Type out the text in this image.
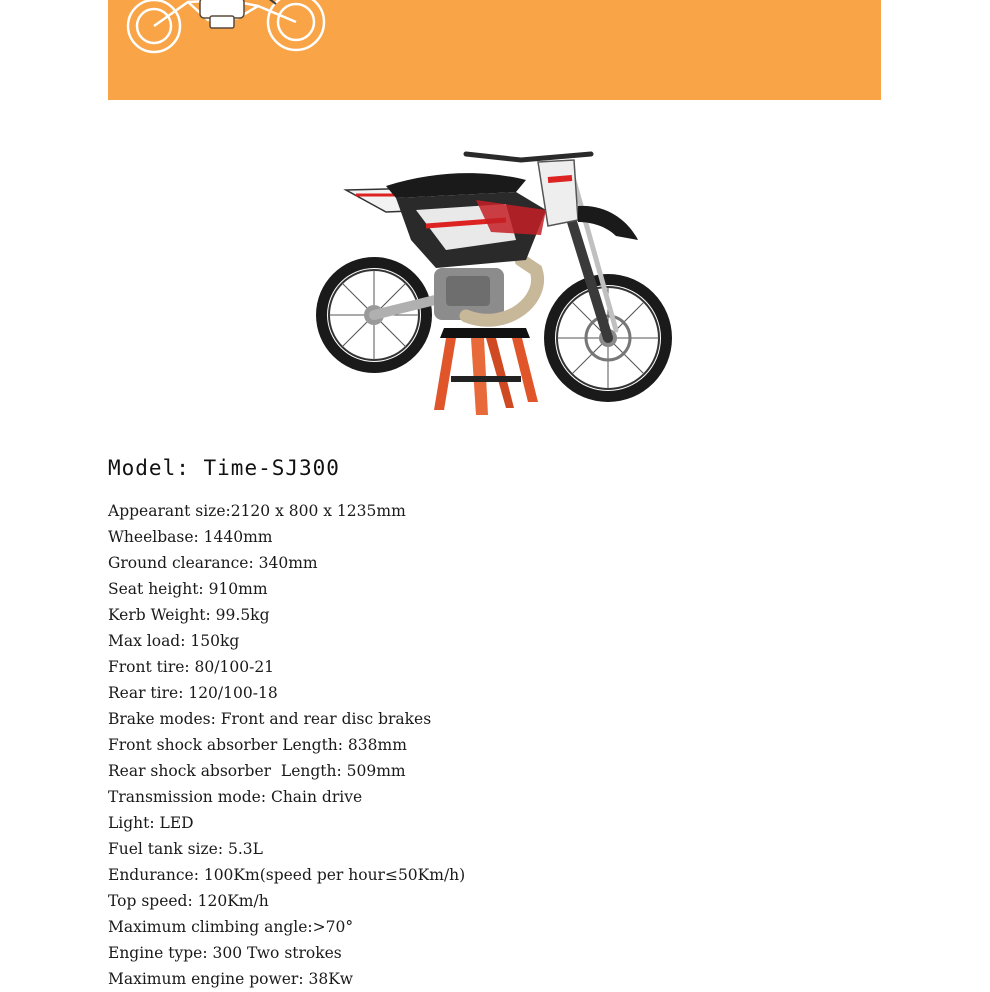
Model: Time-SJ300
Appearant size:2120 x 800 x 1235mm
Wheelbase: 1440mm
Ground clearance: 340mm
Seat height: 910mm
Kerb Weight: 99.5kg
Max load: 150kg
Front tire: 80/100-21
Rear tire: 120/100-18
Brake modes: Front and rear disc brakes
Front shock absorber Length: 838mm
Rear shock absorber  Length: 509mm
Transmission mode: Chain drive
Light: LED
Fuel tank size: 5.3L
Endurance: 100Km(speed per hour≤50Km/h)
Top speed: 120Km/h
Maximum climbing angle:>70°
Engine type: 300 Two strokes
Maximum engine power: 38Kw
